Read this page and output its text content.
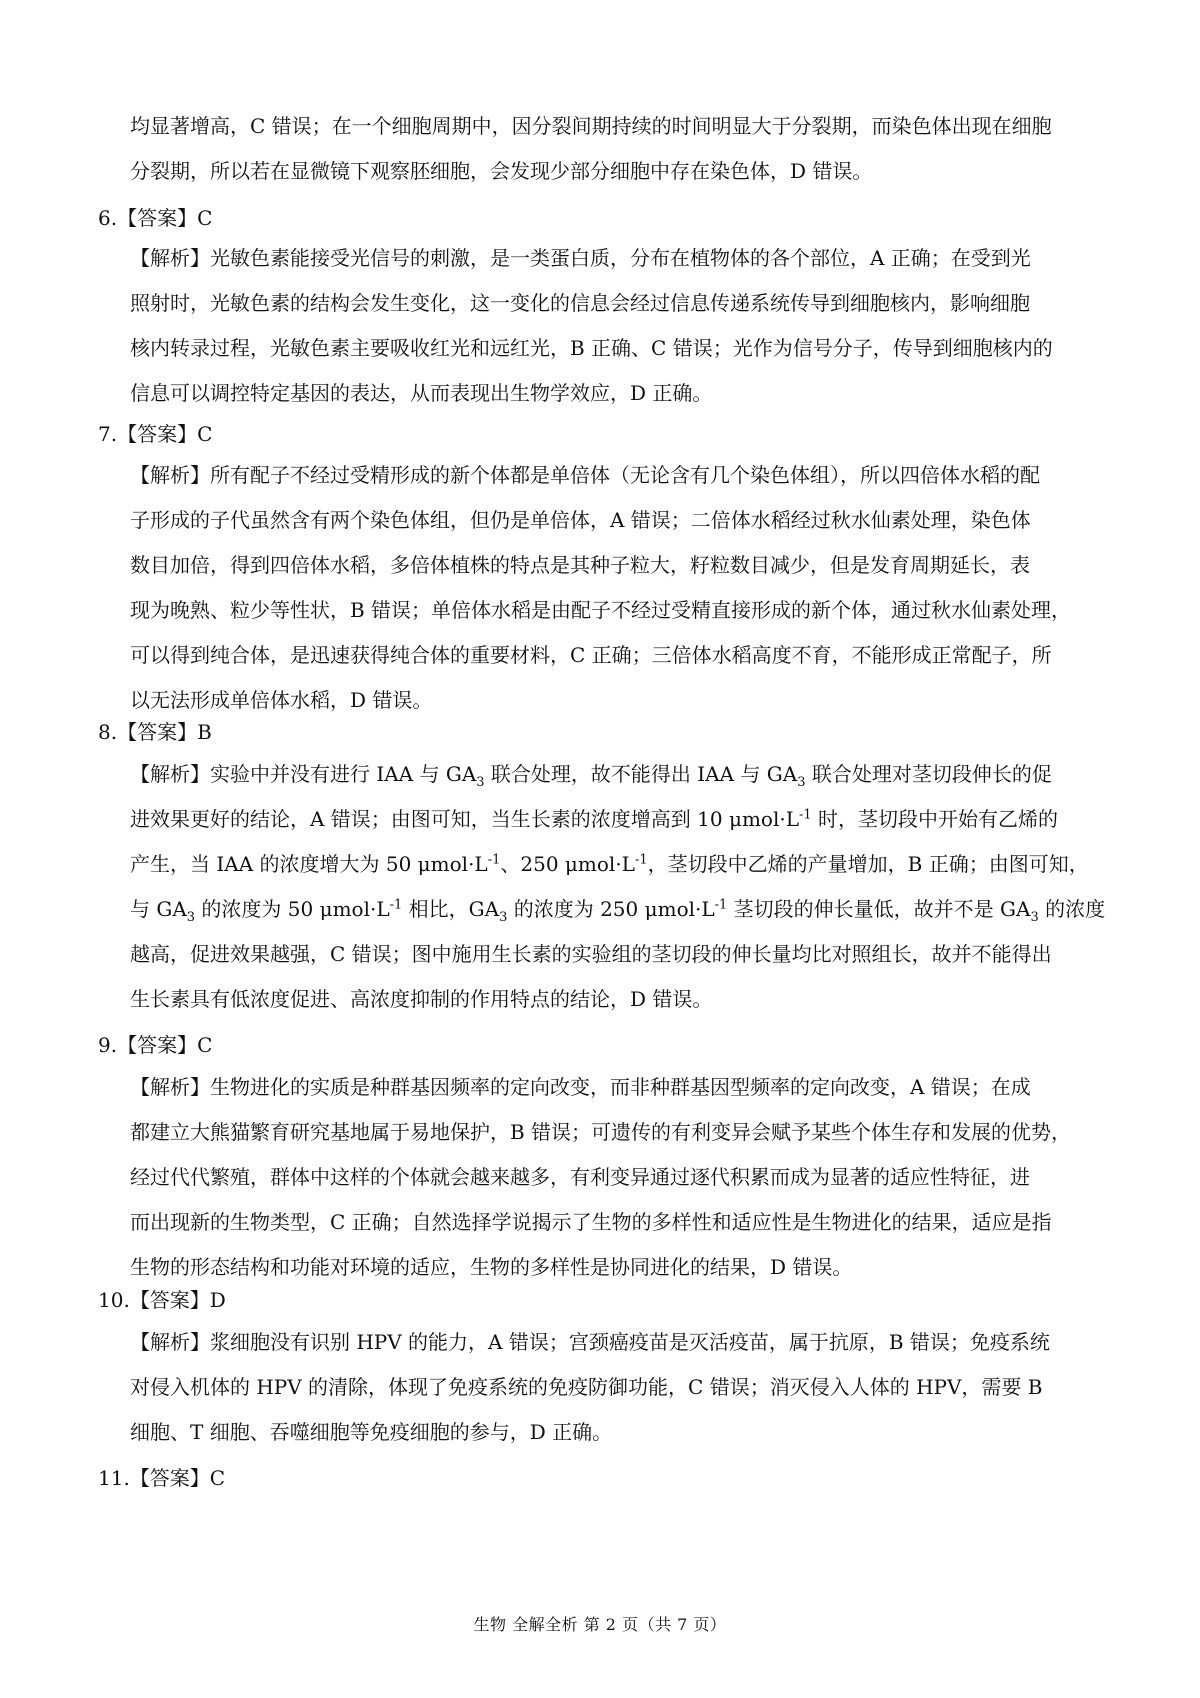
均显著增高，C 错误；在一个细胞周期中，因分裂间期持续的时间明显大于分裂期，而染色体出现在细胞
分裂期，所以若在显微镜下观察胚细胞，会发现少部分细胞中存在染色体，D 错误。
6.【答案】C
【解析】光敏色素能接受光信号的刺激，是一类蛋白质，分布在植物体的各个部位，A 正确；在受到光
照射时，光敏色素的结构会发生变化，这一变化的信息会经过信息传递系统传导到细胞核内，影响细胞
核内转录过程，光敏色素主要吸收红光和远红光，B 正确、C 错误；光作为信号分子，传导到细胞核内的
信息可以调控特定基因的表达，从而表现出生物学效应，D 正确。
7.【答案】C
【解析】所有配子不经过受精形成的新个体都是单倍体（无论含有几个染色体组），所以四倍体水稻的配
子形成的子代虽然含有两个染色体组，但仍是单倍体，A 错误；二倍体水稻经过秋水仙素处理，染色体
数目加倍，得到四倍体水稻，多倍体植株的特点是其种子粒大，籽粒数目减少，但是发育周期延长，表
现为晚熟、粒少等性状，B 错误；单倍体水稻是由配子不经过受精直接形成的新个体，通过秋水仙素处理，
可以得到纯合体，是迅速获得纯合体的重要材料，C 正确；三倍体水稻高度不育，不能形成正常配子，所
以无法形成单倍体水稻，D 错误。
8.【答案】B
【解析】实验中并没有进行 IAA 与 $GA_3$ 联合处理，故不能得出 IAA 与 $GA_3$ 联合处理对茎切段伸长的促
进效果更好的结论，A 错误；由图可知，当生长素的浓度增高到 10 $\mu mol\cdot L^{-1}$ 时，茎切段中开始有乙烯的
产生，当 IAA 的浓度增大为 50 $\mu mol\cdot L^{-1}$、250 $\mu mol\cdot L^{-1}$，茎切段中乙烯的产量增加，B 正确；由图可知，
与 $GA_3$ 的浓度为 50 $\mu mol\cdot L^{-1}$ 相比，$GA_3$ 的浓度为 250 $\mu mol\cdot L^{-1}$ 茎切段的伸长量低，故并不是 $GA_3$ 的浓度
越高，促进效果越强，C 错误；图中施用生长素的实验组的茎切段的伸长量均比对照组长，故并不能得出
生长素具有低浓度促进、高浓度抑制的作用特点的结论，D 错误。
9.【答案】C
【解析】生物进化的实质是种群基因频率的定向改变，而非种群基因型频率的定向改变，A 错误；在成
都建立大熊猫繁育研究基地属于易地保护，B 错误；可遗传的有利变异会赋予某些个体生存和发展的优势，
经过代代繁殖，群体中这样的个体就会越来越多，有利变异通过逐代积累而成为显著的适应性特征，进
而出现新的生物类型，C 正确；自然选择学说揭示了生物的多样性和适应性是生物进化的结果，适应是指
生物的形态结构和功能对环境的适应，生物的多样性是协同进化的结果，D 错误。
10.【答案】D
【解析】浆细胞没有识别 HPV 的能力，A 错误；宫颈癌疫苗是灭活疫苗，属于抗原，B 错误；免疫系统
对侵入机体的 HPV 的清除，体现了免疫系统的免疫防御功能，C 错误；消灭侵入人体的 HPV，需要 B
细胞、T 细胞、吞噬细胞等免疫细胞的参与，D 正确。
11.【答案】C
生物 全解全析 第 2 页（共 7 页）
